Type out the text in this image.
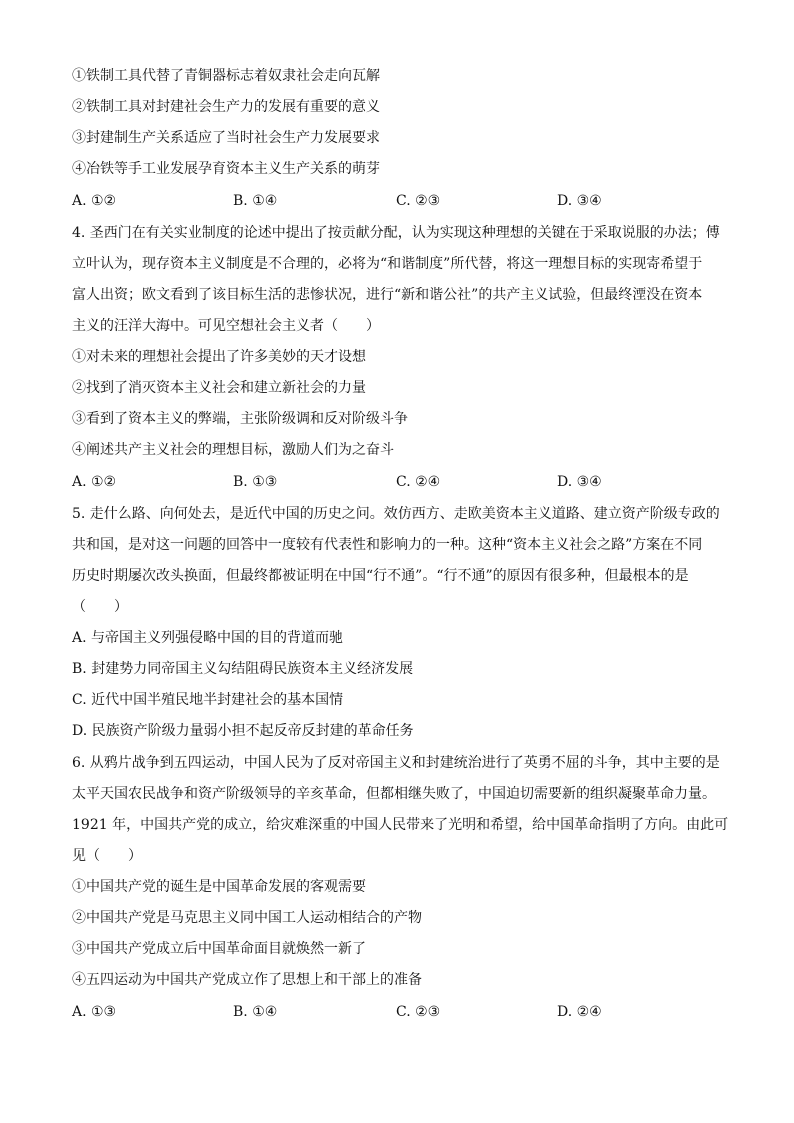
①铁制工具代替了青铜器标志着奴隶社会走向瓦解
②铁制工具对封建社会生产力的发展有重要的意义
③封建制生产关系适应了当时社会生产力发展要求
④冶铁等手工业发展孕育资本主义生产关系的萌芽
A. ①②	B. ①④	C. ②③	D. ③④
4. 圣西门在有关实业制度的论述中提出了按贡献分配，认为实现这种理想的关键在于采取说服的办法；傅
立叶认为，现存资本主义制度是不合理的，必将为“和谐制度”所代替，将这一理想目标的实现寄希望于
富人出资；欧文看到了该目标生活的悲惨状况，进行“新和谐公社”的共产主义试验，但最终湮没在资本
主义的汪洋大海中。可见空想社会主义者（　　）
①对未来的理想社会提出了许多美妙的天才设想
②找到了消灭资本主义社会和建立新社会的力量
③看到了资本主义的弊端，主张阶级调和反对阶级斗争
④阐述共产主义社会的理想目标，激励人们为之奋斗
A. ①②	B. ①③	C. ②④	D. ③④
5. 走什么路、向何处去，是近代中国的历史之问。效仿西方、走欧美资本主义道路、建立资产阶级专政的
共和国，是对这一问题的回答中一度较有代表性和影响力的一种。这种“资本主义社会之路”方案在不同
历史时期屡次改头换面，但最终都被证明在中国“行不通”。“行不通”的原因有很多种，但最根本的是
（　　）
A. 与帝国主义列强侵略中国的目的背道而驰
B. 封建势力同帝国主义勾结阻碍民族资本主义经济发展
C. 近代中国半殖民地半封建社会的基本国情
D. 民族资产阶级力量弱小担不起反帝反封建的革命任务
6. 从鸦片战争到五四运动，中国人民为了反对帝国主义和封建统治进行了英勇不屈的斗争，其中主要的是
太平天国农民战争和资产阶级领导的辛亥革命，但都相继失败了，中国迫切需要新的组织凝聚革命力量。
1921 年，中国共产党的成立，给灾难深重的中国人民带来了光明和希望，给中国革命指明了方向。由此可
见（　　）
①中国共产党的诞生是中国革命发展的客观需要
②中国共产党是马克思主义同中国工人运动相结合的产物
③中国共产党成立后中国革命面目就焕然一新了
④五四运动为中国共产党成立作了思想上和干部上的准备
A. ①③	B. ①④	C. ②③	D. ②④
